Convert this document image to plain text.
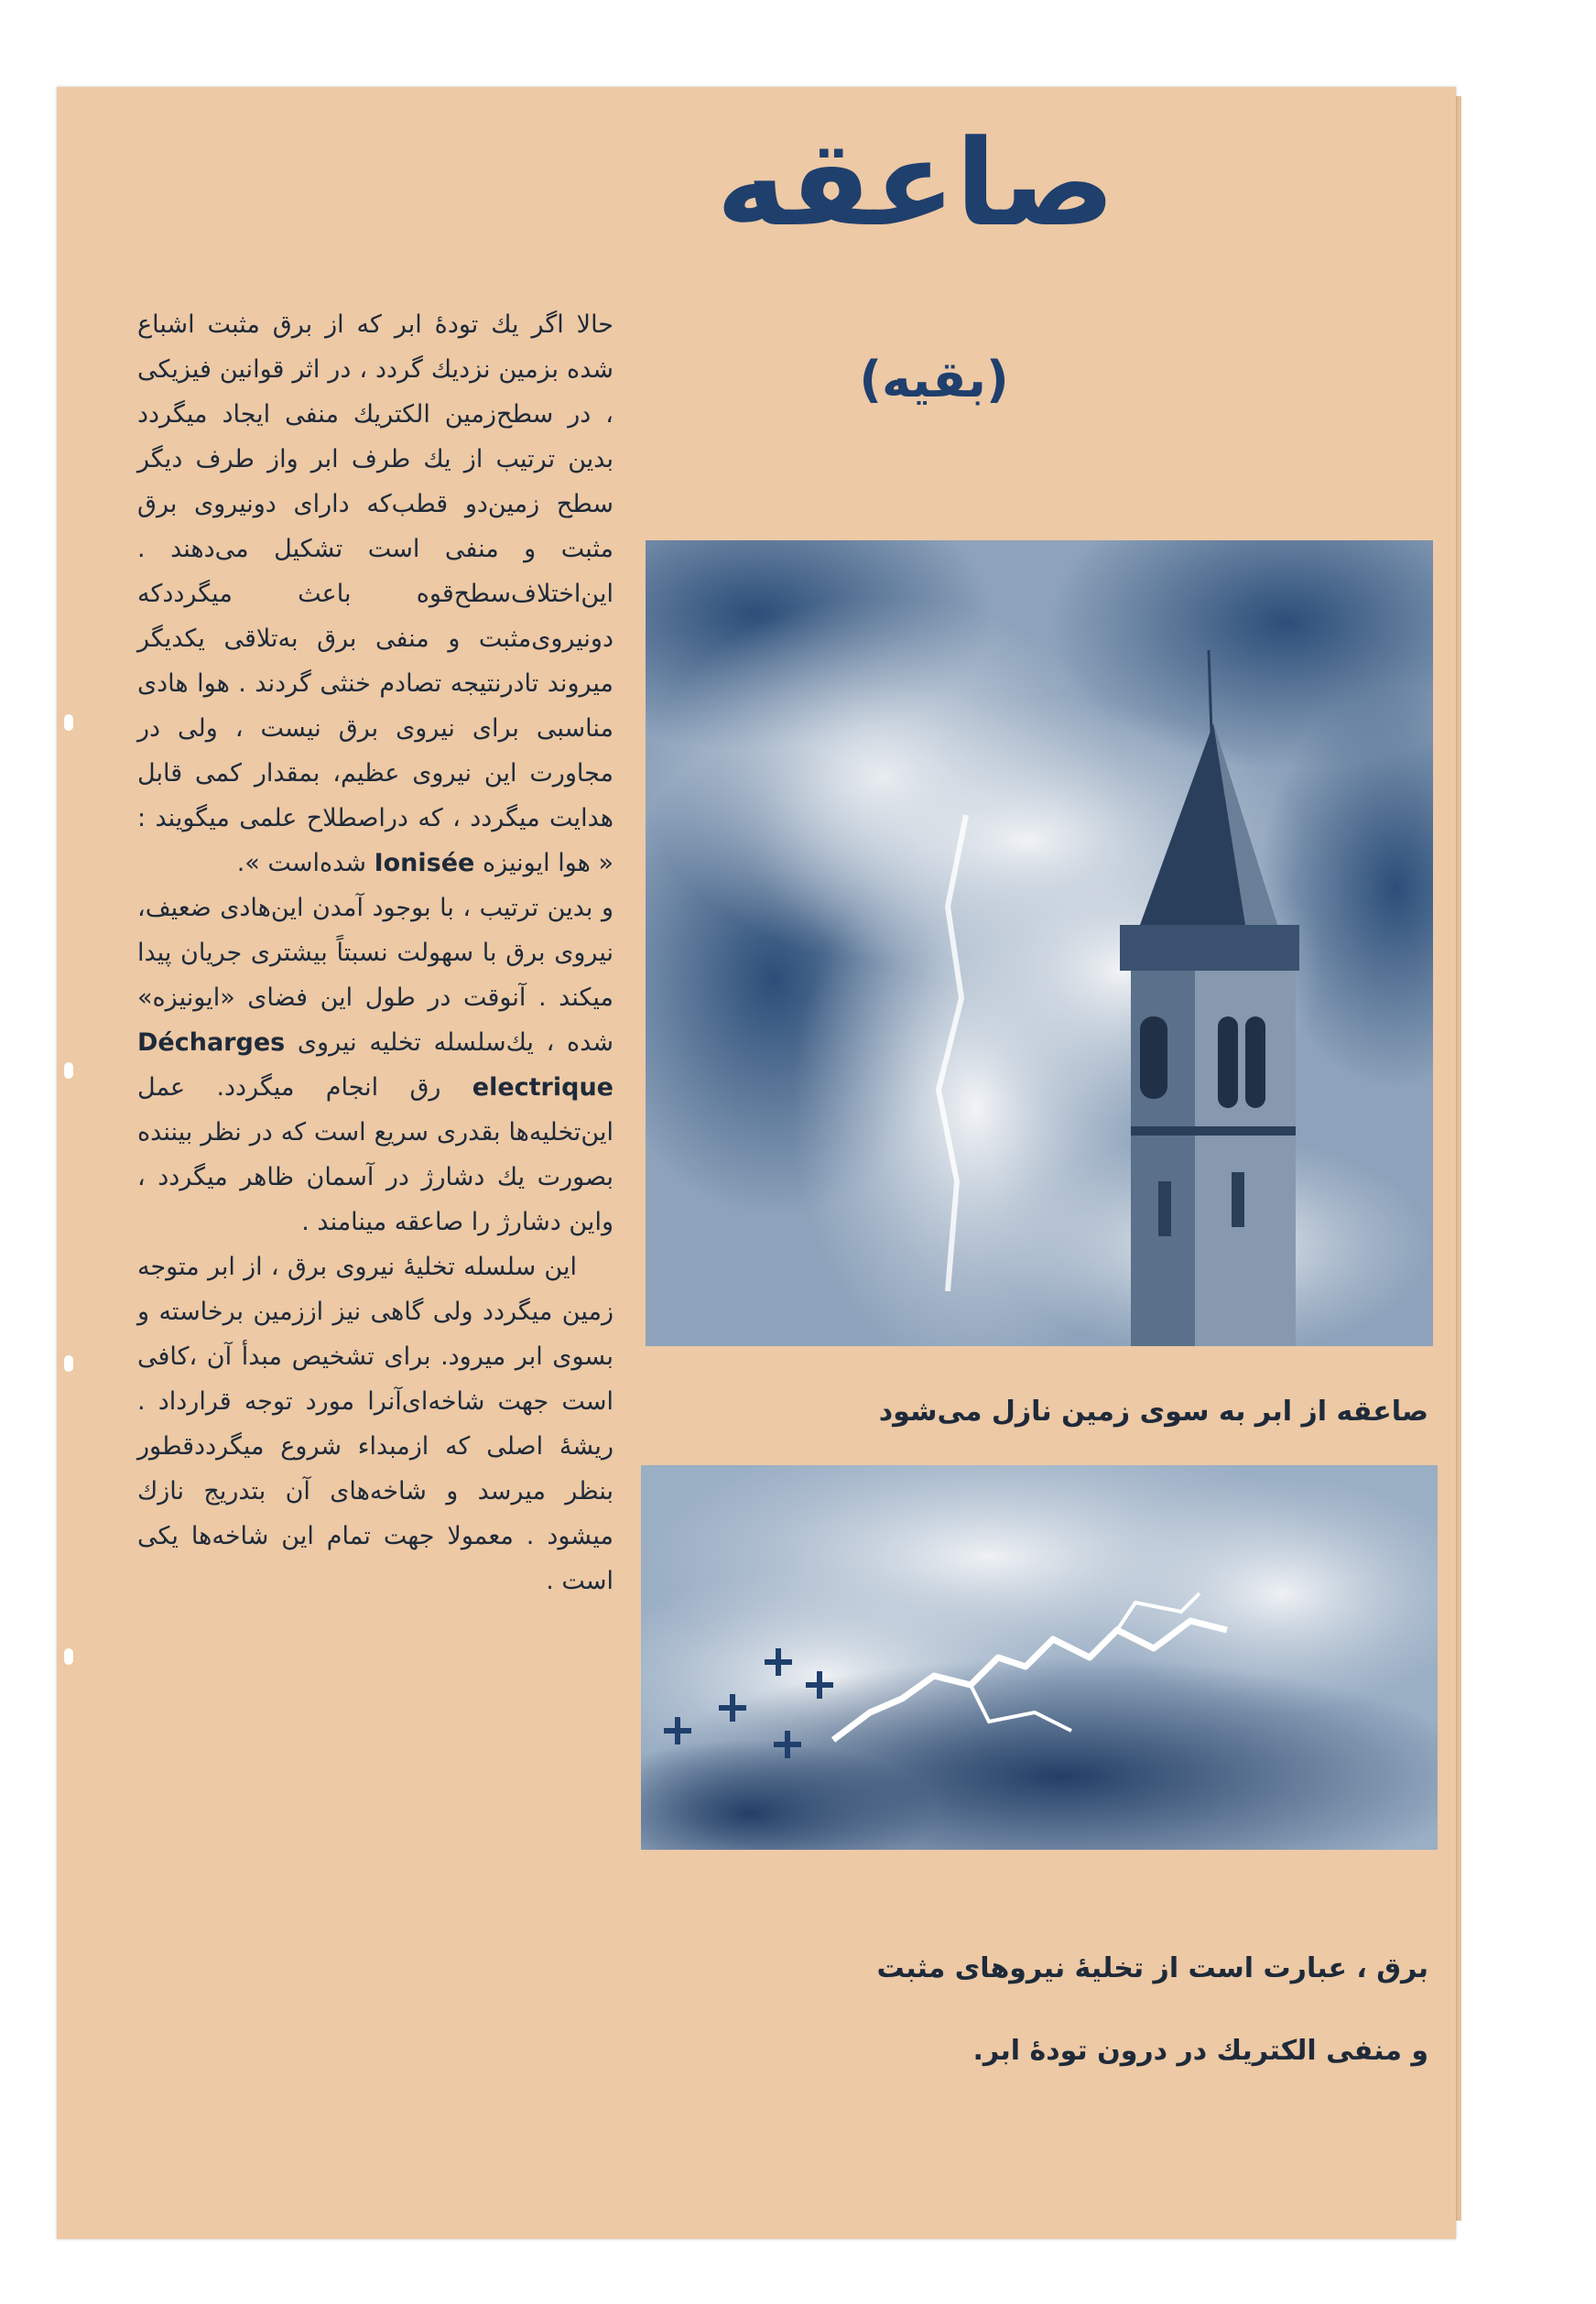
صاعقه
(بقیه)

حالا اگر يك تودهٔ ابر که از برق مثبت اشباع شده بزمین نزدیك گردد ، در اثر قوانین فیزیکی ، در سطح‌زمین الکتریك منفی ایجاد میگردد بدین ترتیب از يك طرف ابر واز طرف دیگر سطح زمین‌دو قطب‌که دارای دونیروی برق مثبت و منفی است تشکیل می‌دهند . این‌اختلاف‌سطح‌قوه باعث میگرددکه دونیروی‌مثبت و منفی برق به‌تلاقی یکدیگر میروند تادرنتیجه تصادم خنثی گردند . هوا هادی مناسبی برای نیروی برق نیست ، ولی در مجاورت این نیروی عظیم، بمقدار کمی قابل هدایت میگردد ، که دراصطلاح علمی میگویند : « هوا ایونیزه Ionisée شده‌است ».

و بدین ترتیب ، با بوجود آمدن این‌هادی ضعیف، نیروی برق با سهولت نسبتاً بیشتری جریان پیدا میکند . آنوقت در طول این فضای «ایونیزه» شده ، يك‌سلسله تخلیه نیروی Décharges electrique رق انجام میگردد. عمل این‌تخلیه‌ها بقدری سریع است که در نظر بیننده بصورت يك دشارژ در آسمان ظاهر میگردد ، واین دشارژ را صاعقه مینامند .

این سلسله تخلیهٔ نیروی برق ، از ابر متوجه زمین میگردد ولی گاهی نیز اززمین برخاسته و بسوی ابر میرود. برای تشخیص مبدأ آن ،کافی است جهت شاخه‌ای‌آنرا مورد توجه قرارداد . ریشهٔ اصلی که ازمبداء شروع میگرددقطور بنظر میرسد و شاخه‌های آن بتدریج نازك میشود . معمولا جهت تمام این شاخه‌ها یکی است .

صاعقه از ابر به سوی زمین نازل می‌شود
برق ، عبارت است از تخلیهٔ نیروهای مثبت
و منفی الکتریك در درون تودهٔ ابر.
